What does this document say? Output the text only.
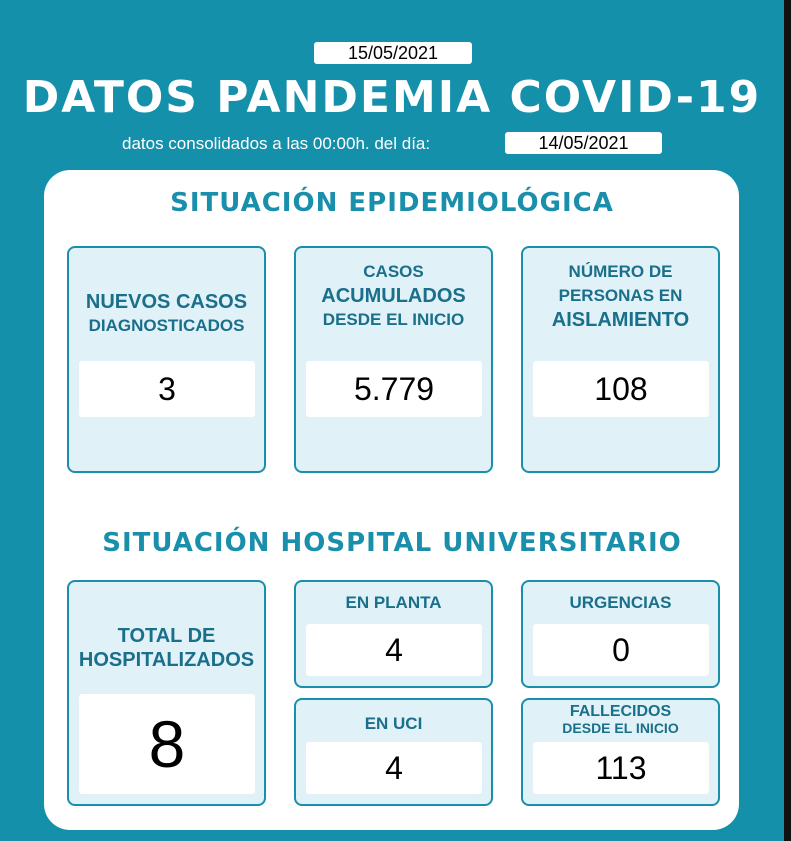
15/05/2021
DATOS PANDEMIA COVID-19
datos consolidados a las 00:00h. del día:	14/05/2021
SITUACIÓN EPIDEMIOLÓGICA
NUEVOS CASOS
DIAGNOSTICADOS
3
CASOS
ACUMULADOS
DESDE EL INICIO
5.779
NÚMERO DE
PERSONAS EN
AISLAMIENTO
108
SITUACIÓN HOSPITAL UNIVERSITARIO
TOTAL DE
HOSPITALIZADOS
8
EN PLANTA
4
URGENCIAS
0
EN UCI
4
FALLECIDOS
DESDE EL INICIO
113
